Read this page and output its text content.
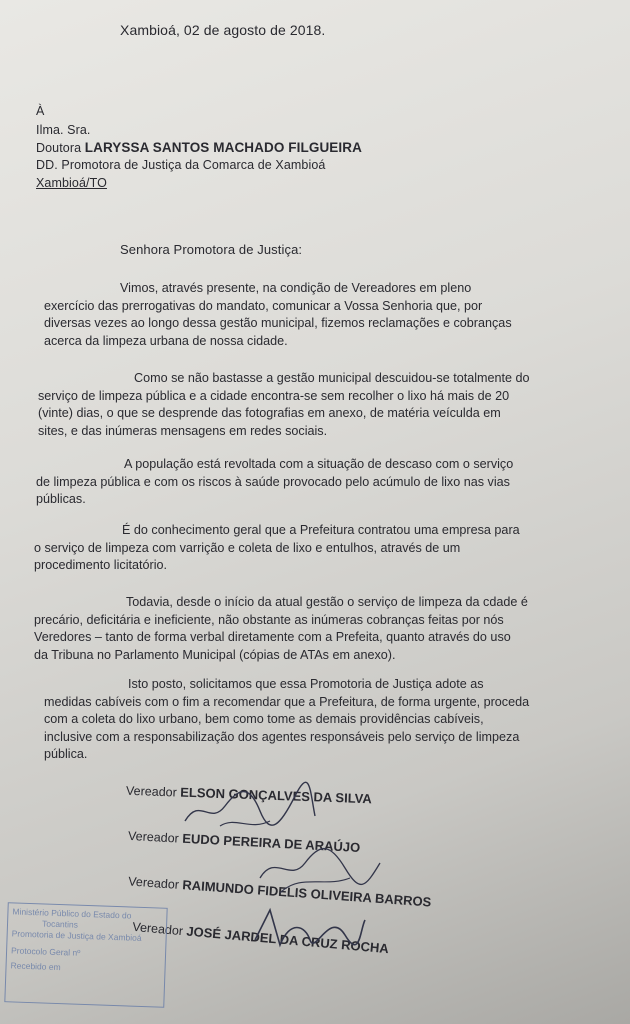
Xambioá, 02 de agosto de 2018.
À
Ilma. Sra.
Doutora LARYSSA SANTOS MACHADO FILGUEIRA
DD. Promotora de Justiça da Comarca de Xambioá
Xambioá/TO
Senhora Promotora de Justiça:
Vimos, através presente, na condição de Vereadores em pleno
exercício das prerrogativas do mandato, comunicar a Vossa Senhoria que, por
diversas vezes ao longo dessa gestão municipal, fizemos reclamações e cobranças
acerca da limpeza urbana de nossa cidade.
Como se não bastasse a gestão municipal descuidou-se totalmente do
serviço de limpeza pública e a cidade encontra-se sem recolher o lixo há mais de 20
(vinte) dias, o que se desprende das fotografias em anexo, de matéria veículda em
sites, e das inúmeras mensagens em redes sociais.
A população está revoltada com a situação de descaso com o serviço
de limpeza pública e com os riscos à saúde provocado pelo acúmulo de lixo nas vias
públicas.
É do conhecimento geral que a Prefeitura contratou uma empresa para
o serviço de limpeza com varrição e coleta de lixo e entulhos, através de um
procedimento licitatório.
Todavia, desde o início da atual gestão o serviço de limpeza da cdade é
precário, deficitária e ineficiente, não obstante as inúmeras cobranças feitas por nós
Veredores – tanto de forma verbal diretamente com a Prefeita, quanto através do uso
da Tribuna no Parlamento Municipal (cópias de ATAs em anexo).
Isto posto, solicitamos que essa Promotoria de Justiça adote as
medidas cabíveis com o fim a recomendar que a Prefeitura, de forma urgente, proceda
com a coleta do lixo urbano, bem como tome as demais providências cabíveis,
inclusive com a responsabilização dos agentes responsáveis pelo serviço de limpeza
pública.
Vereador ELSON GONÇALVES DA SILVA
Vereador EUDO PEREIRA DE ARAÚJO
Vereador RAIMUNDO FIDELIS OLIVEIRA BARROS
Vereador JOSÉ JARDEL DA CRUZ ROCHA
Ministério Público do Estado do
Tocantins
Promotoria de Justiça de Xambioá
Protocolo Geral nº
Recebido em
